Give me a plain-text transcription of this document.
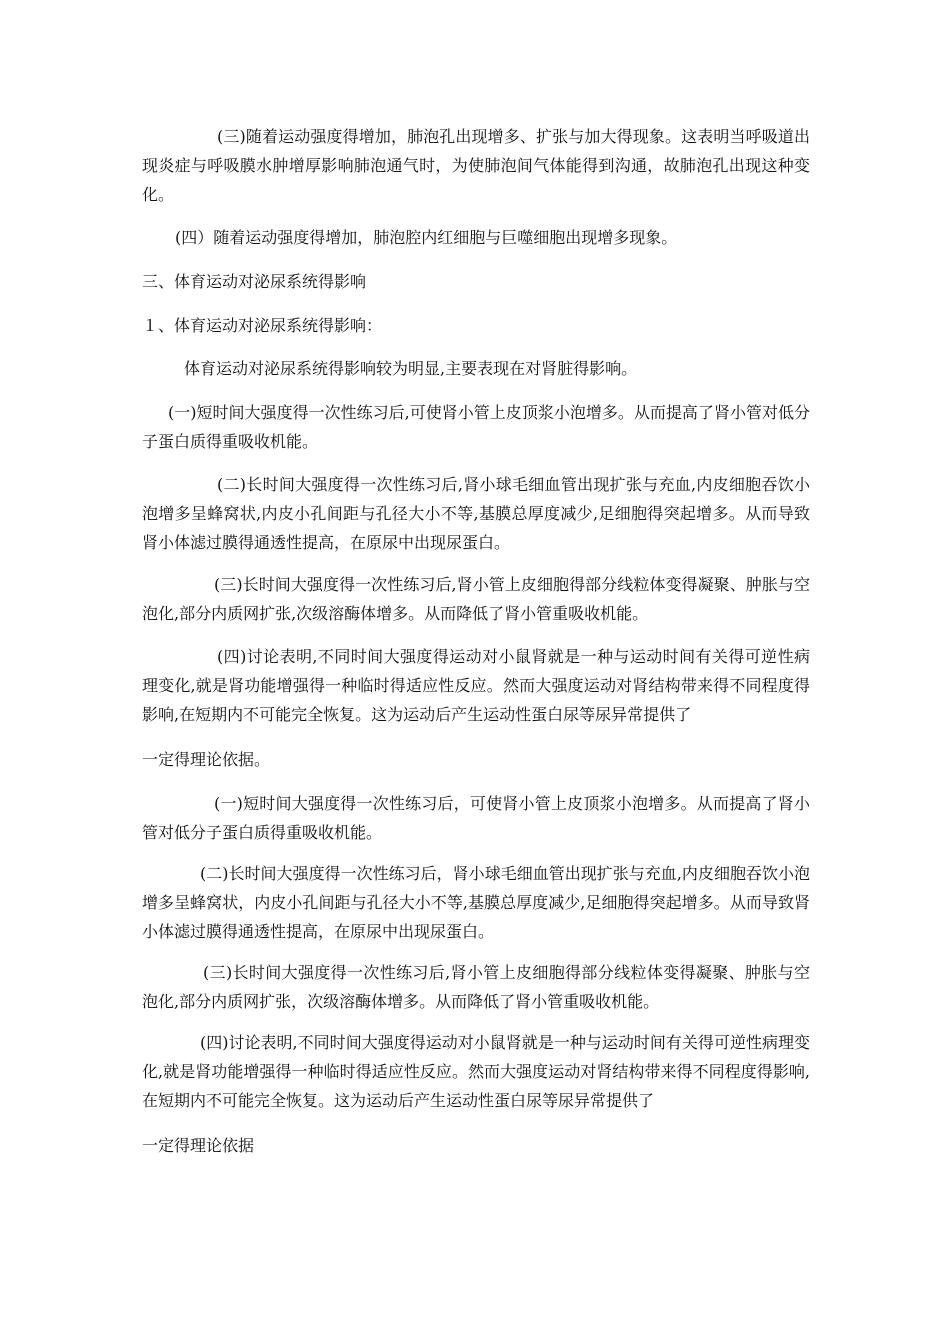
(三)随着运动强度得增加，肺泡孔出现增多、扩张与加大得现象。这表明当呼吸道出现炎症与呼吸膜水肿增厚影响肺泡通气时，为使肺泡间气体能得到沟通，故肺泡孔出现这种变化。

(四）随着运动强度得增加，肺泡腔内红细胞与巨噬细胞出现增多现象。

三、体育运动对泌尿系统得影响

１、体育运动对泌尿系统得影响：

体育运动对泌尿系统得影响较为明显,主要表现在对肾脏得影响。

(一)短时间大强度得一次性练习后,可使肾小管上皮顶浆小泡增多。从而提高了肾小管对低分子蛋白质得重吸收机能。

(二)长时间大强度得一次性练习后,肾小球毛细血管出现扩张与充血,内皮细胞吞饮小泡增多呈蜂窝状,内皮小孔间距与孔径大小不等,基膜总厚度减少,足细胞得突起增多。从而导致肾小体滤过膜得通透性提高，在原尿中出现尿蛋白。

(三)长时间大强度得一次性练习后,肾小管上皮细胞得部分线粒体变得凝聚、肿胀与空泡化,部分内质网扩张,次级溶酶体增多。从而降低了肾小管重吸收机能。

(四)讨论表明,不同时间大强度得运动对小鼠肾就是一种与运动时间有关得可逆性病理变化,就是肾功能增强得一种临时得适应性反应。然而大强度运动对肾结构带来得不同程度得影响,在短期内不可能完全恢复。这为运动后产生运动性蛋白尿等尿异常提供了

一定得理论依据。

(一)短时间大强度得一次性练习后，可使肾小管上皮顶浆小泡增多。从而提高了肾小管对低分子蛋白质得重吸收机能。

(二)长时间大强度得一次性练习后，肾小球毛细血管出现扩张与充血,内皮细胞吞饮小泡增多呈蜂窝状，内皮小孔间距与孔径大小不等,基膜总厚度减少,足细胞得突起增多。从而导致肾小体滤过膜得通透性提高，在原尿中出现尿蛋白。

(三)长时间大强度得一次性练习后,肾小管上皮细胞得部分线粒体变得凝聚、肿胀与空泡化,部分内质网扩张，次级溶酶体增多。从而降低了肾小管重吸收机能。

(四)讨论表明,不同时间大强度得运动对小鼠肾就是一种与运动时间有关得可逆性病理变化,就是肾功能增强得一种临时得适应性反应。然而大强度运动对肾结构带来得不同程度得影响,在短期内不可能完全恢复。这为运动后产生运动性蛋白尿等尿异常提供了

一定得理论依据
